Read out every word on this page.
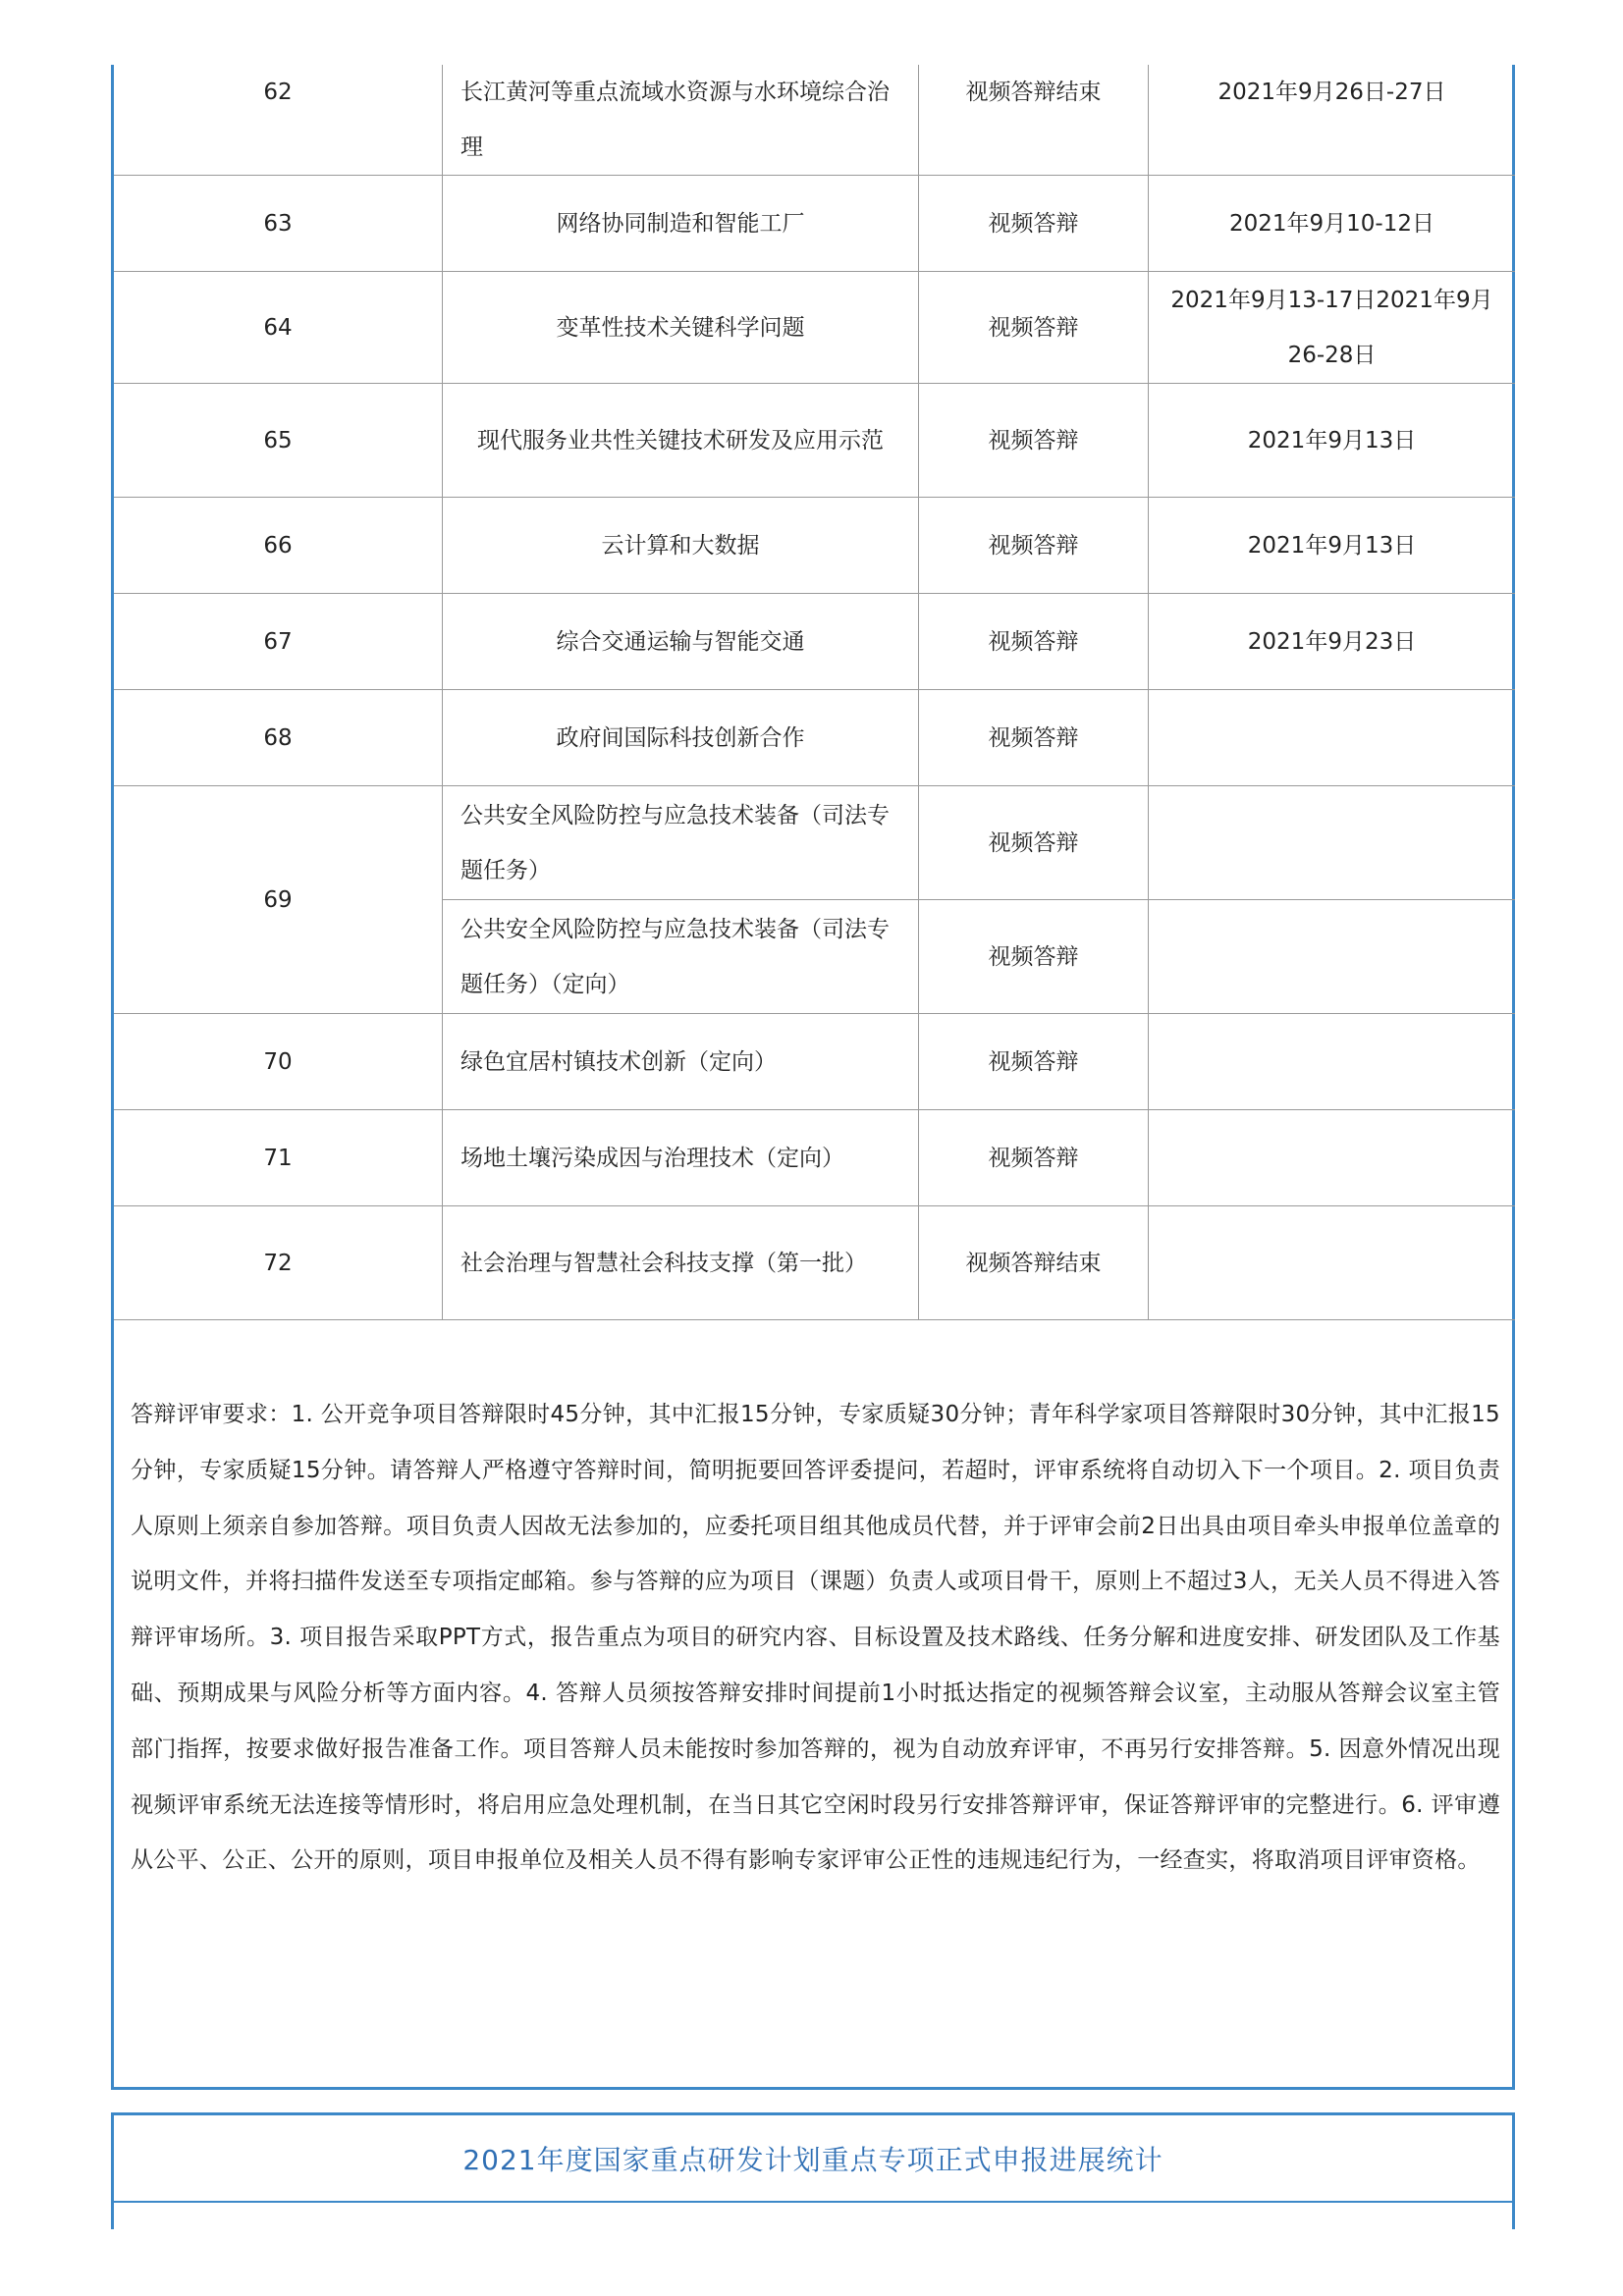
62	长江黄河等重点流域水资源与水环境综合治理	视频答辩结束	2021年9月26日-27日

63	网络协同制造和智能工厂	视频答辩	2021年9月10-12日

64	变革性技术关键科学问题	视频答辩	2021年9月13-17日2021年9月26-28日

65	现代服务业共性关键技术研发及应用示范	视频答辩	2021年9月13日

66	云计算和大数据	视频答辩	2021年9月13日

67	综合交通运输与智能交通	视频答辩	2021年9月23日

68	政府间国际科技创新合作	视频答辩	

69	公共安全风险防控与应急技术装备（司法专题任务）	视频答辩	

	公共安全风险防控与应急技术装备（司法专题任务）（定向）	视频答辩	

70	绿色宜居村镇技术创新（定向）	视频答辩	

71	场地土壤污染成因与治理技术（定向）	视频答辩	

72	社会治理与智慧社会科技支撑（第一批）	视频答辩结束	
答辩评审要求：1. 公开竞争项目答辩限时45分钟，其中汇报15分钟，专家质疑30分钟；青年科学家项目答辩限时30分钟，其中汇报15分钟，专家质疑15分钟。请答辩人严格遵守答辩时间，简明扼要回答评委提问，若超时，评审系统将自动切入下一个项目。2. 项目负责人原则上须亲自参加答辩。项目负责人因故无法参加的，应委托项目组其他成员代替，并于评审会前2日出具由项目牵头申报单位盖章的说明文件，并将扫描件发送至专项指定邮箱。参与答辩的应为项目（课题）负责人或项目骨干，原则上不超过3人，无关人员不得进入答辩评审场所。3. 项目报告采取PPT方式，报告重点为项目的研究内容、目标设置及技术路线、任务分解和进度安排、研发团队及工作基础、预期成果与风险分析等方面内容。4. 答辩人员须按答辩安排时间提前1小时抵达指定的视频答辩会议室，主动服从答辩会议室主管部门指挥，按要求做好报告准备工作。项目答辩人员未能按时参加答辩的，视为自动放弃评审，不再另行安排答辩。5. 因意外情况出现视频评审系统无法连接等情形时，将启用应急处理机制，在当日其它空闲时段另行安排答辩评审，保证答辩评审的完整进行。6. 评审遵从公平、公正、公开的原则，项目申报单位及相关人员不得有影响专家评审公正性的违规违纪行为，一经查实，将取消项目评审资格。
2021年度国家重点研发计划重点专项正式申报进展统计
